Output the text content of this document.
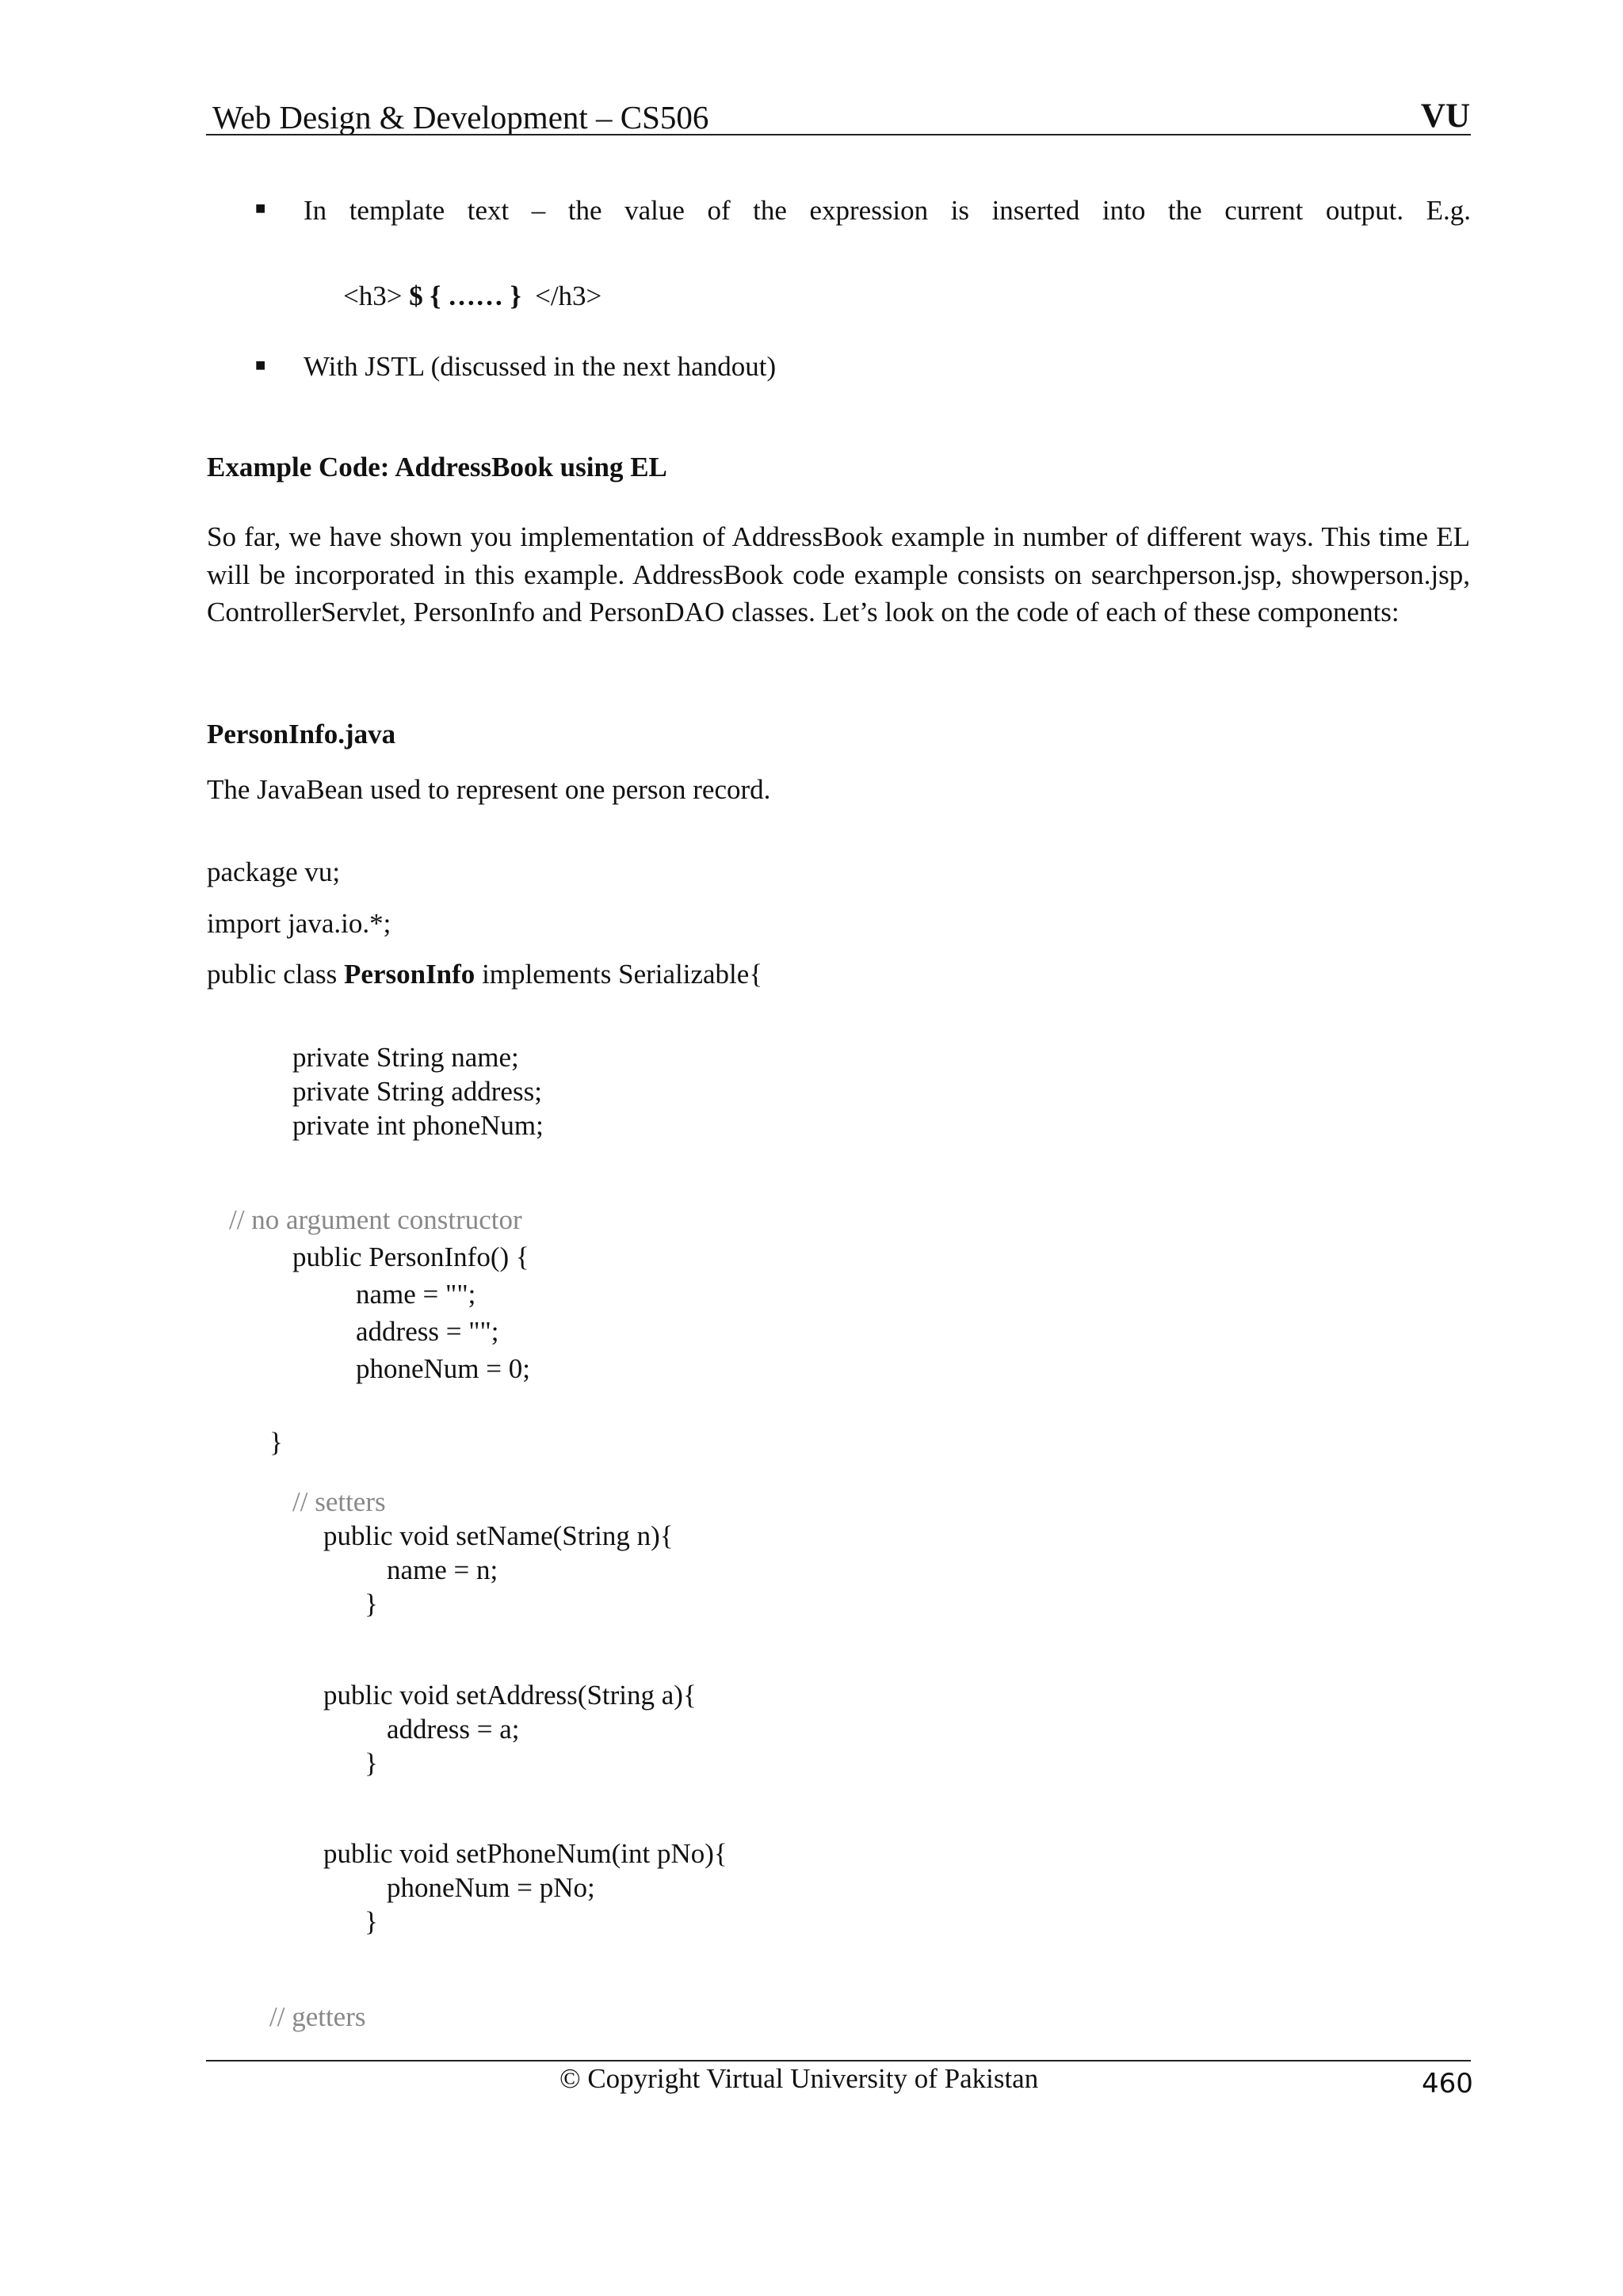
Web Design & Development – CS506	VU
■ In template text – the value of the expression is inserted into the current output. E.g.
<h3> $ { …… } </h3>
■ With JSTL (discussed in the next handout)
Example Code: AddressBook using EL
So far, we have shown you implementation of AddressBook example in number of different ways. This time EL will be incorporated in this example. AddressBook code example consists on searchperson.jsp, showperson.jsp, ControllerServlet, PersonInfo and PersonDAO classes. Let’s look on the code of each of these components:
PersonInfo.java
The JavaBean used to represent one person record.
package vu;
import java.io.*;
public class PersonInfo implements Serializable{
private String name;
private String address;
private int phoneNum;
// no argument constructor
public PersonInfo() {
name = "";
address = "";
phoneNum = 0;
}
// setters
public void setName(String n){
name = n;
}
public void setAddress(String a){
address = a;
}
public void setPhoneNum(int pNo){
phoneNum = pNo;
}
// getters
© Copyright Virtual University of Pakistan	460
